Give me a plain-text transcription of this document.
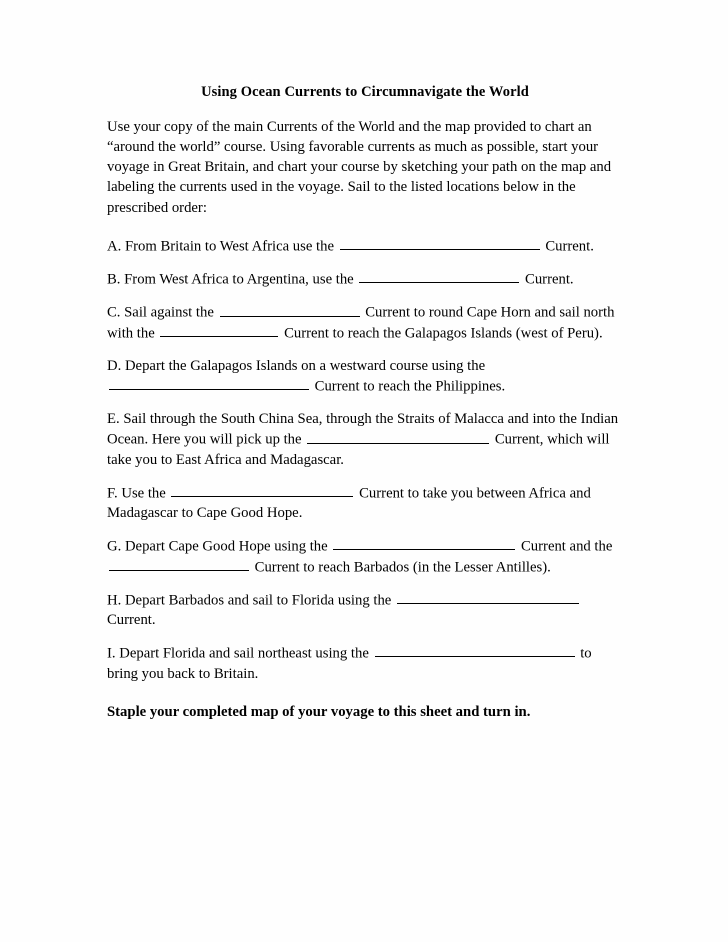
Using Ocean Currents to Circumnavigate the World

Use your copy of the main Currents of the World and the map provided to chart an “around the world” course. Using favorable currents as much as possible, start your voyage in Great Britain, and chart your course by sketching your path on the map and labeling the currents used in the voyage. Sail to the listed locations below in the prescribed order:

A. From Britain to West Africa use the	Current.

B. From West Africa to Argentina, use the	Current.

C. Sail against the	Current to round Cape Horn and sail north with the	Current to reach the Galapagos Islands (west of Peru).

D. Depart the Galapagos Islands on a westward course using the  Current to reach the Philippines.

E. Sail through the South China Sea, through the Straits of Malacca and into the Indian Ocean. Here you will pick up the	Current, which will take you to East Africa and Madagascar.

F. Use the	Current to take you between Africa and Madagascar to Cape Good Hope.

G. Depart Cape Good Hope using the	Current and the  Current to reach Barbados (in the Lesser Antilles).

H. Depart Barbados and sail to Florida using the  Current.

I. Depart Florida and sail northeast using the	to bring you back to Britain.

Staple your completed map of your voyage to this sheet and turn in.
